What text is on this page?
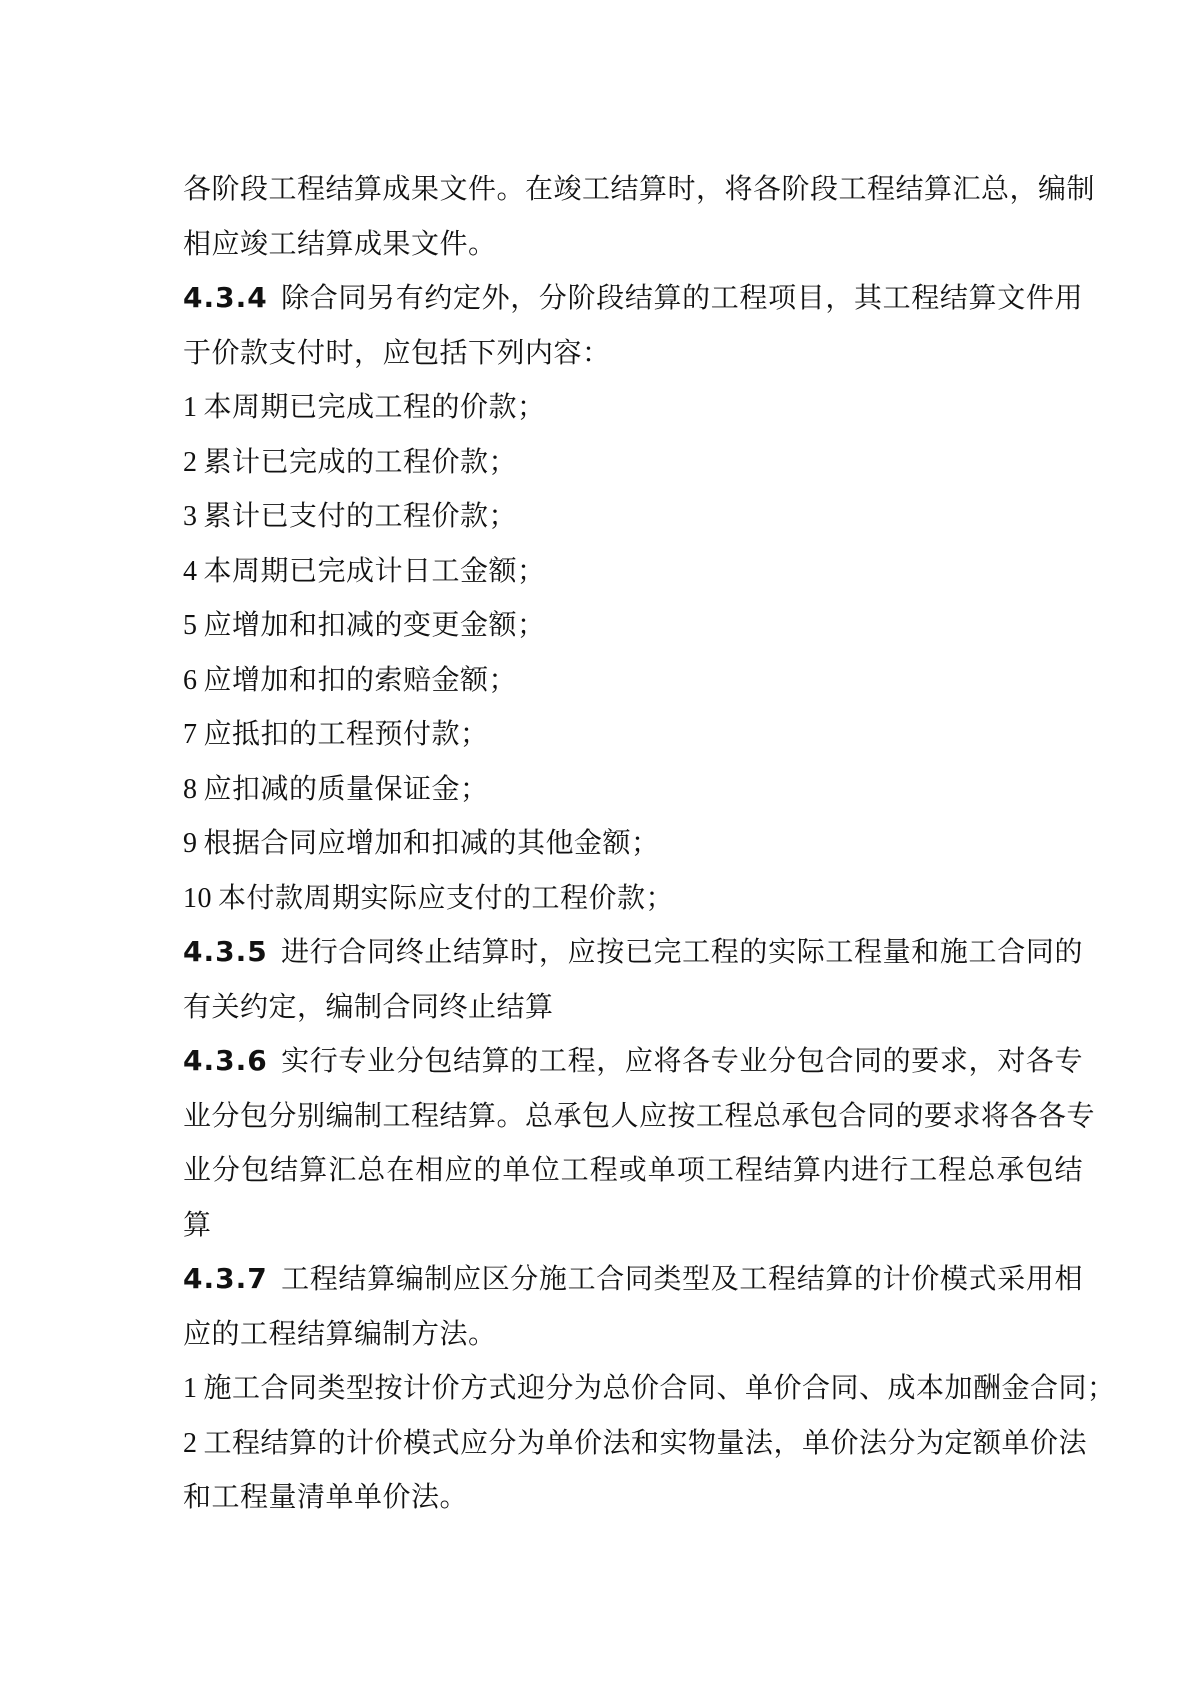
各阶段工程结算成果文件。在竣工结算时，将各阶段工程结算汇总，编制
相应竣工结算成果文件。
4.3.4 除合同另有约定外，分阶段结算的工程项目，其工程结算文件用
于价款支付时，应包括下列内容：
1 本周期已完成工程的价款；
2 累计已完成的工程价款；
3 累计已支付的工程价款；
4 本周期已完成计日工金额；
5 应增加和扣减的变更金额；
6 应增加和扣的索赔金额；
7 应抵扣的工程预付款；
8 应扣减的质量保证金；
9 根据合同应增加和扣减的其他金额；
10 本付款周期实际应支付的工程价款；
4.3.5 进行合同终止结算时，应按已完工程的实际工程量和施工合同的
有关约定，编制合同终止结算
4.3.6 实行专业分包结算的工程，应将各专业分包合同的要求，对各专
业分包分别编制工程结算。总承包人应按工程总承包合同的要求将各各专
业分包结算汇总在相应的单位工程或单项工程结算内进行工程总承包结
算
4.3.7 工程结算编制应区分施工合同类型及工程结算的计价模式采用相
应的工程结算编制方法。
1 施工合同类型按计价方式迎分为总价合同、单价合同、成本加酬金合同；
2 工程结算的计价模式应分为单价法和实物量法，单价法分为定额单价法
和工程量清单单价法。
